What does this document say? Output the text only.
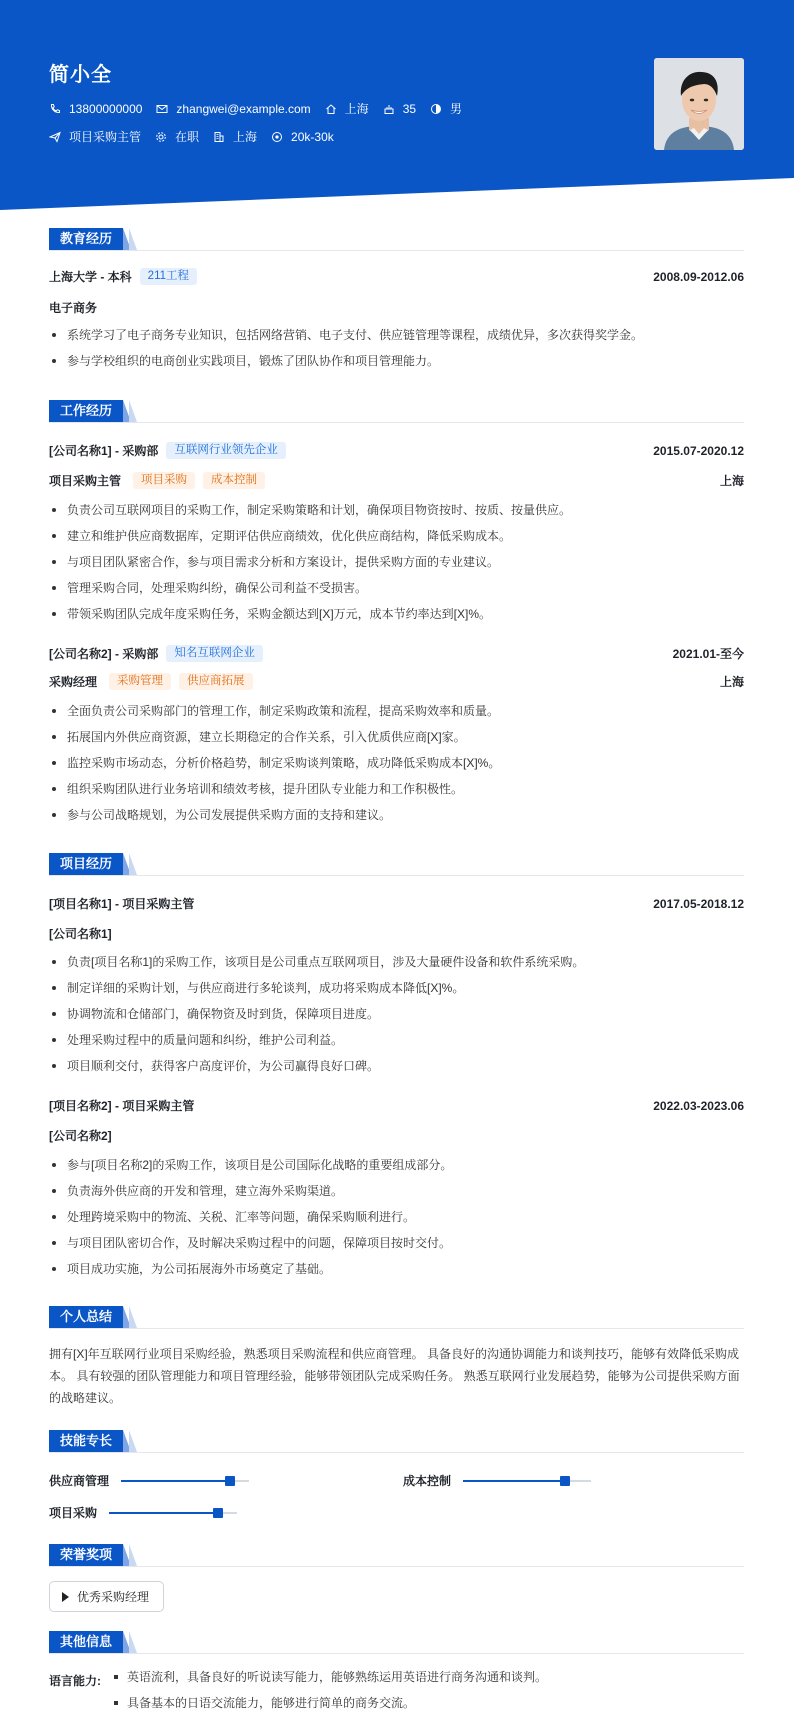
简小全
13800000000	zhangwei@example.com	上海	35	男
项目采购主管	在职	上海	20k-30k
教育经历
上海大学 - 本科	211工程	2008.09-2012.06
电子商务
系统学习了电子商务专业知识，包括网络营销、电子支付、供应链管理等课程，成绩优异，多次获得奖学金。
参与学校组织的电商创业实践项目，锻炼了团队协作和项目管理能力。
工作经历
[公司名称1] - 采购部	互联网行业领先企业	2015.07-2020.12
项目采购主管	项目采购	成本控制	上海
负责公司互联网项目的采购工作，制定采购策略和计划，确保项目物资按时、按质、按量供应。
建立和维护供应商数据库，定期评估供应商绩效，优化供应商结构，降低采购成本。
与项目团队紧密合作，参与项目需求分析和方案设计，提供采购方面的专业建议。
管理采购合同，处理采购纠纷，确保公司利益不受损害。
带领采购团队完成年度采购任务，采购金额达到[X]万元，成本节约率达到[X]%。
[公司名称2] - 采购部	知名互联网企业	2021.01-至今
采购经理	采购管理	供应商拓展	上海
全面负责公司采购部门的管理工作，制定采购政策和流程，提高采购效率和质量。
拓展国内外供应商资源，建立长期稳定的合作关系，引入优质供应商[X]家。
监控采购市场动态，分析价格趋势，制定采购谈判策略，成功降低采购成本[X]%。
组织采购团队进行业务培训和绩效考核，提升团队专业能力和工作积极性。
参与公司战略规划，为公司发展提供采购方面的支持和建议。
项目经历
[项目名称1] - 项目采购主管	2017.05-2018.12
[公司名称1]
负责[项目名称1]的采购工作，该项目是公司重点互联网项目，涉及大量硬件设备和软件系统采购。
制定详细的采购计划，与供应商进行多轮谈判，成功将采购成本降低[X]%。
协调物流和仓储部门，确保物资及时到货，保障项目进度。
处理采购过程中的质量问题和纠纷，维护公司利益。
项目顺利交付，获得客户高度评价，为公司赢得良好口碑。
[项目名称2] - 项目采购主管	2022.03-2023.06
[公司名称2]
参与[项目名称2]的采购工作，该项目是公司国际化战略的重要组成部分。
负责海外供应商的开发和管理，建立海外采购渠道。
处理跨境采购中的物流、关税、汇率等问题，确保采购顺利进行。
与项目团队密切合作，及时解决采购过程中的问题，保障项目按时交付。
项目成功实施，为公司拓展海外市场奠定了基础。
个人总结
拥有[X]年互联网行业项目采购经验，熟悉项目采购流程和供应商管理。 具备良好的沟通协调能力和谈判技巧，能够有效降低采购成本。 具有较强的团队管理能力和项目管理经验，能够带领团队完成采购任务。 熟悉互联网行业发展趋势，能够为公司提供采购方面的战略建议。
技能专长
供应商管理	成本控制
项目采购
荣誉奖项
优秀采购经理
其他信息
语言能力:	英语流利，具备良好的听说读写能力，能够熟练运用英语进行商务沟通和谈判。
具备基本的日语交流能力，能够进行简单的商务交流。
